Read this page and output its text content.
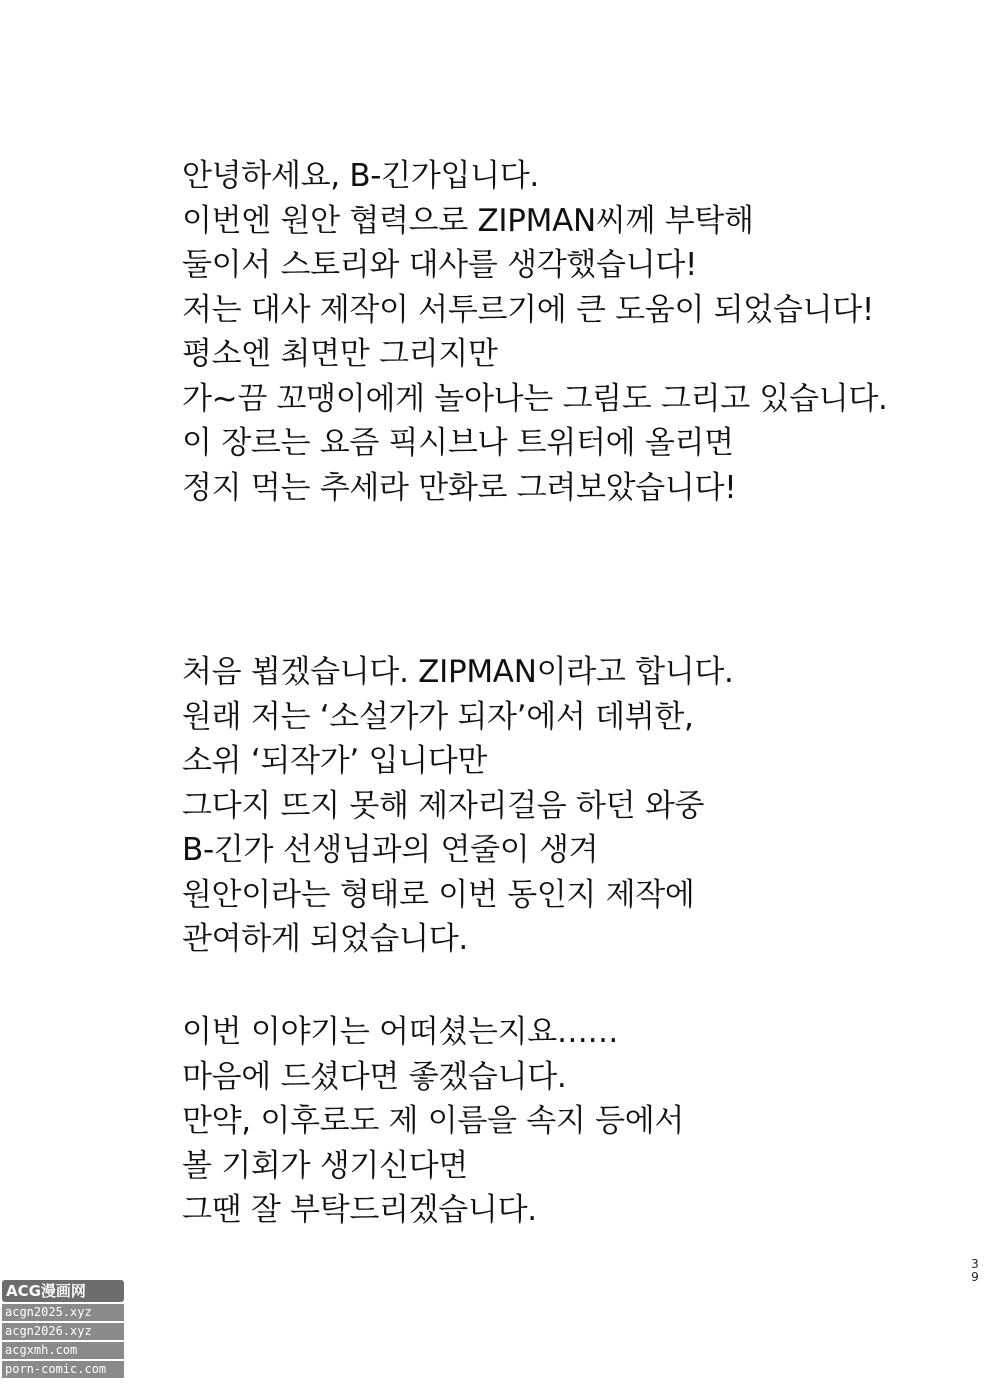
안녕하세요, B-긴가입니다.
이번엔 원안 협력으로 ZIPMAN씨께 부탁해
둘이서 스토리와 대사를 생각했습니다!
저는 대사 제작이 서투르기에 큰 도움이 되었습니다!
평소엔 최면만 그리지만
가~끔 꼬맹이에게 놀아나는 그림도 그리고 있습니다.
이 장르는 요즘 픽시브나 트위터에 올리면
정지 먹는 추세라 만화로 그려보았습니다!
처음 뵙겠습니다. ZIPMAN이라고 합니다.
원래 저는 ‘소설가가 되자’에서 데뷔한,
소위 ‘되작가’ 입니다만
그다지 뜨지 못해 제자리걸음 하던 와중
B-긴가 선생님과의 연줄이 생겨
원안이라는 형태로 이번 동인지 제작에
관여하게 되었습니다.
이번 이야기는 어떠셨는지요……
마음에 드셨다면 좋겠습니다.
만약, 이후로도 제 이름을 속지 등에서
볼 기회가 생기신다면
그땐 잘 부탁드리겠습니다.
3
9
ACG漫画网
acgn2025.xyz
acgn2026.xyz
acgxmh.com
porn-comic.com
